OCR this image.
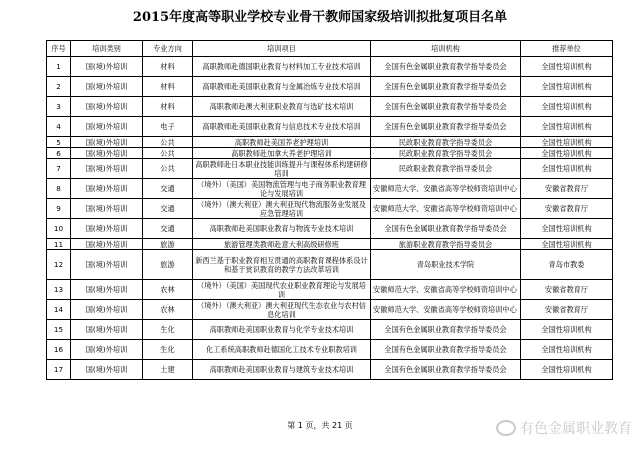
2015年度高等职业学校专业骨干教师国家级培训拟批复项目名单
序号	培训类别	专业方向	培训项目	培训机构	推荐单位
1	国(境)外培训	材料	高职教师赴德国职业教育与材料加工专业技术培训	全国有色金属职业教育教学指导委员会	全国性培训机构
2	国(境)外培训	材料	高职教师赴美国职业教育与金属冶炼专业技术培训	全国有色金属职业教育教学指导委员会	全国性培训机构
3	国(境)外培训	材料	高职教师赴澳大利亚职业教育与选矿技术培训	全国有色金属职业教育教学指导委员会	全国性培训机构
4	国(境)外培训	电子	高职教师赴美国职业教育与信息技术专业技术培训	全国有色金属职业教育教学指导委员会	全国性培训机构
5	国(境)外培训	公共	高职教师赴美国养老护理培训	民政职业教育教学指导委员会	全国性培训机构
6	国(境)外培训	公共	高职教师赴加拿大养老护理培训	民政职业教育教学指导委员会	全国性培训机构
7	国(境)外培训	公共	高职教师赴日本职业技能训练提升与课程体系构建研修培训	民政职业教育教学指导委员会	全国性培训机构
8	国(境)外培训	交通	（境外）（美国）美国物流管理与电子商务职业教育理论与发展培训	安徽师范大学、安徽省高等学校师资培训中心	安徽省教育厅
9	国(境)外培训	交通	（境外）（澳大利亚）澳大利亚现代物流服务业发展及应急管理培训	安徽师范大学、安徽省高等学校师资培训中心	安徽省教育厅
10	国(境)外培训	交通	高职教师赴美国职业教育与物流专业技术培训	全国有色金属职业教育教学指导委员会	全国性培训机构
11	国(境)外培训	旅游	旅游管理类教师赴意大利高级研修班	旅游职业教育教学指导委员会	全国性培训机构
12	国(境)外培训	旅游	新西兰基于职业教育相互贯通的高职教育课程体系设计和基于赏识教育的教学方法改革培训	青岛职业技术学院	青岛市教委
13	国(境)外培训	农林	（境外）（美国）美国现代农业职业教育理论与发展培训	安徽师范大学、安徽省高等学校师资培训中心	安徽省教育厅
14	国(境)外培训	农林	（境外）（澳大利亚）澳大利亚现代生态农业与农村信息化培训	安徽师范大学、安徽省高等学校师资培训中心	安徽省教育厅
15	国(境)外培训	生化	高职教师赴美国职业教育与化学专业技术培训	全国有色金属职业教育教学指导委员会	全国性培训机构
16	国(境)外培训	生化	化工系统高职教师赴德国化工技术专业职教培训	全国有色金属职业教育教学指导委员会	全国性培训机构
17	国(境)外培训	土建	高职教师赴美国职业教育与建筑专业技术培训	全国有色金属职业教育教学指导委员会	全国性培训机构
第 1 页，共 21 页	有色金属职业教育
